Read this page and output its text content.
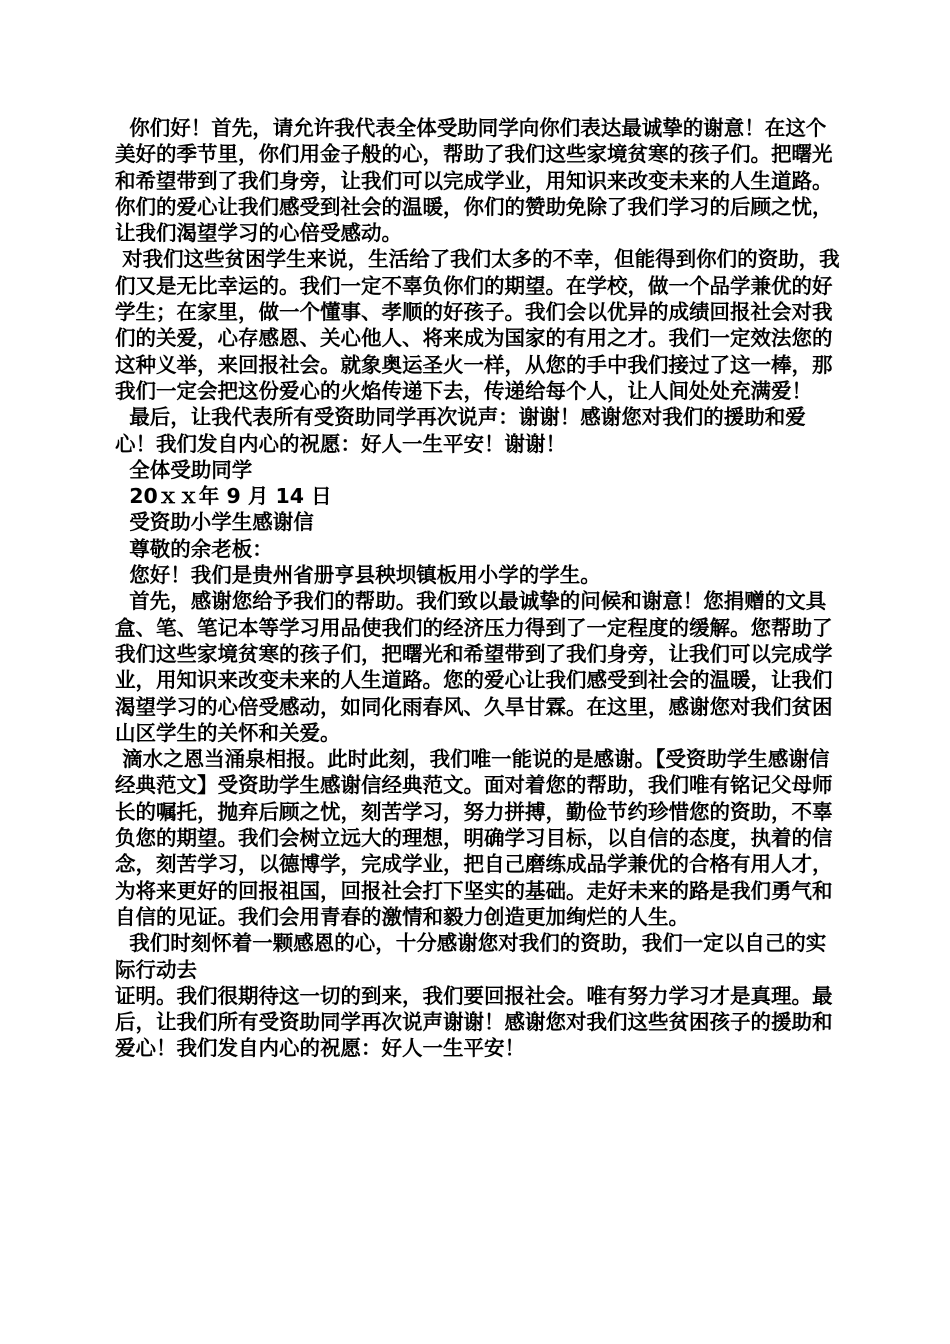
你们好！首先，请允许我代表全体受助同学向你们表达最诚挚的谢意！在这个美好的季节里，你们用金子般的心，帮助了我们这些家境贫寒的孩子们。把曙光和希望带到了我们身旁，让我们可以完成学业，用知识来改变未来的人生道路。你们的爱心让我们感受到社会的温暖，你们的赞助免除了我们学习的后顾之忧，让我们渴望学习的心倍受感动。

对我们这些贫困学生来说，生活给了我们太多的不幸，但能得到你们的资助，我们又是无比幸运的。我们一定不辜负你们的期望。在学校，做一个品学兼优的好学生；在家里，做一个懂事、孝顺的好孩子。我们会以优异的成绩回报社会对我们的关爱，心存感恩、关心他人、将来成为国家的有用之才。我们一定效法您的这种义举，来回报社会。就象奥运圣火一样，从您的手中我们接过了这一棒，那我们一定会把这份爱心的火焰传递下去，传递给每个人，让人间处处充满爱！

最后，让我代表所有受资助同学再次说声：谢谢！感谢您对我们的援助和爱心！我们发自内心的祝愿：好人一生平安！谢谢！

全体受助同学

20ｘｘ年 9 月 14 日

受资助小学生感谢信

尊敬的余老板：

您好！我们是贵州省册亨县秧坝镇板用小学的学生。

首先，感谢您给予我们的帮助。我们致以最诚挚的问候和谢意！您捐赠的文具盒、笔、笔记本等学习用品使我们的经济压力得到了一定程度的缓解。您帮助了我们这些家境贫寒的孩子们，把曙光和希望带到了我们身旁，让我们可以完成学业，用知识来改变未来的人生道路。您的爱心让我们感受到社会的温暖，让我们渴望学习的心倍受感动，如同化雨春风、久旱甘霖。在这里，感谢您对我们贫困山区学生的关怀和关爱。

滴水之恩当涌泉相报。此时此刻，我们唯一能说的是感谢。【受资助学生感谢信经典范文】受资助学生感谢信经典范文。面对着您的帮助，我们唯有铭记父母师长的嘱托，抛弃后顾之忧，刻苦学习，努力拼搏，勤俭节约珍惜您的资助，不辜负您的期望。我们会树立远大的理想，明确学习目标，以自信的态度，执着的信念，刻苦学习，以德博学，完成学业，把自己磨练成品学兼优的合格有用人才，为将来更好的回报祖国，回报社会打下坚实的基础。走好未来的路是我们勇气和自信的见证。我们会用青春的激情和毅力创造更加绚烂的人生。

我们时刻怀着一颗感恩的心，十分感谢您对我们的资助，我们一定以自己的实际行动去

证明。我们很期待这一切的到来，我们要回报社会。唯有努力学习才是真理。最后，让我们所有受资助同学再次说声谢谢！感谢您对我们这些贫困孩子的援助和爱心！我们发自内心的祝愿：好人一生平安！
